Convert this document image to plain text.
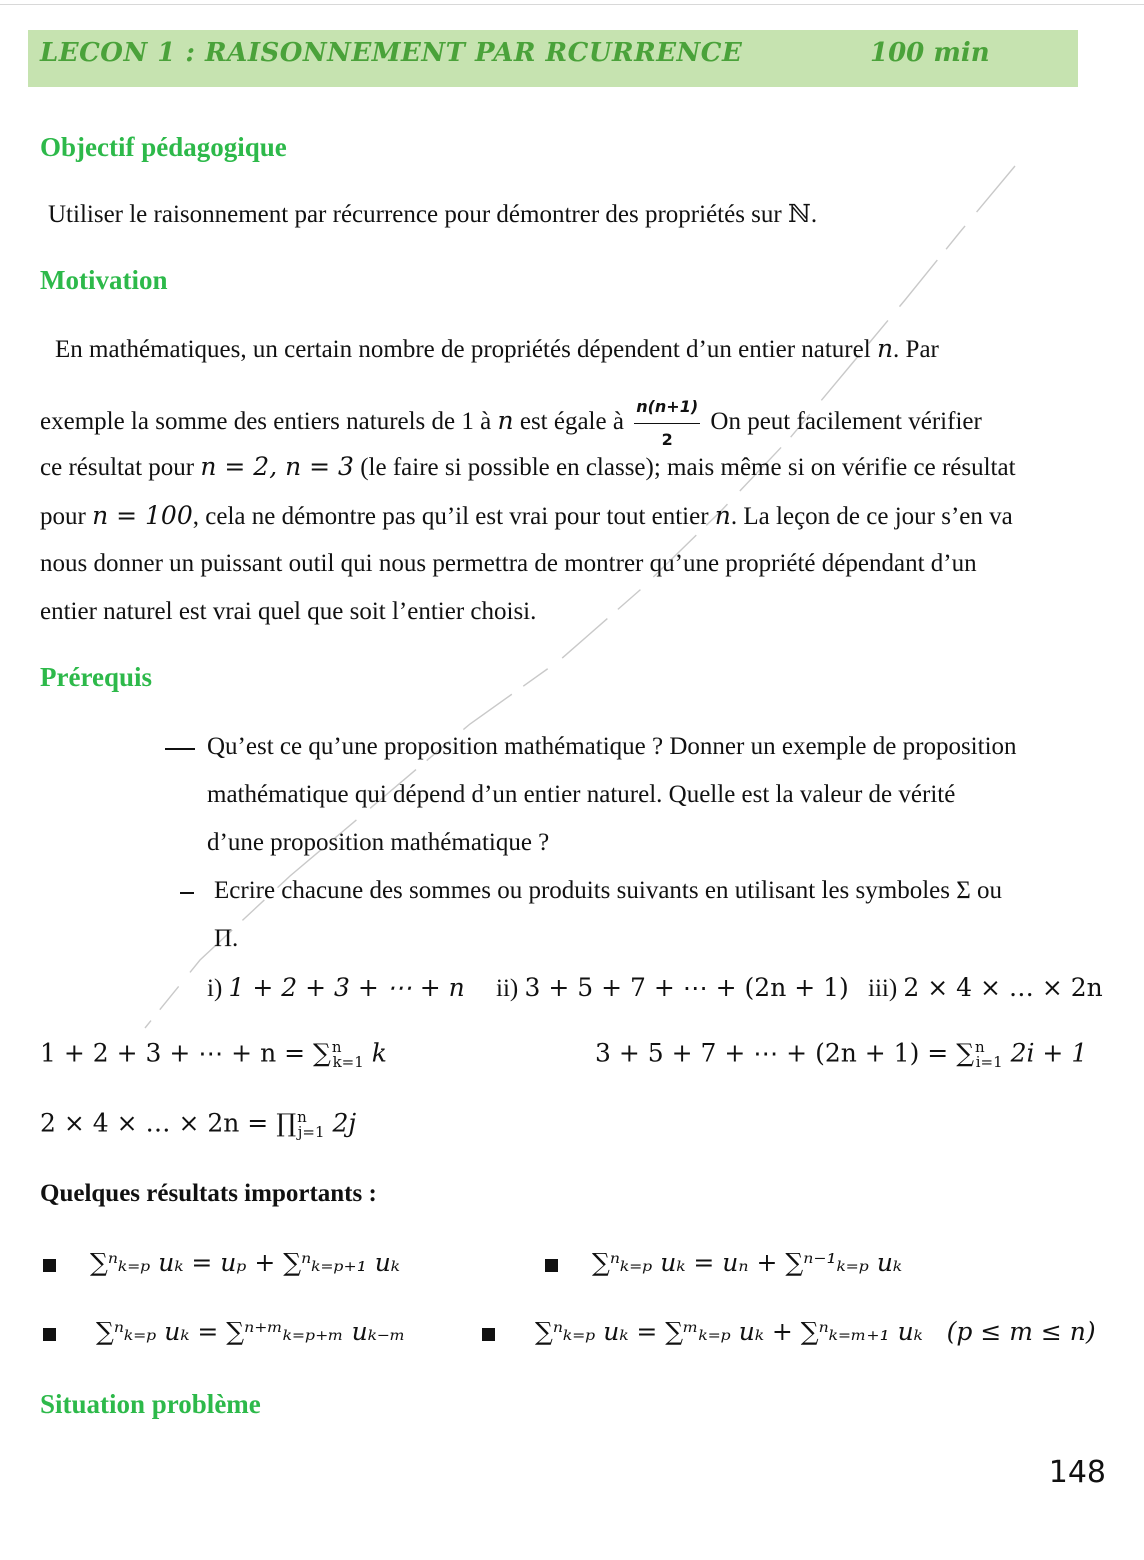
LECON 1 : RAISONNEMENT PAR RCURRENCE	100 min
Objectif pédagogique
Utiliser le raisonnement par récurrence pour démontrer des propriétés sur ℕ.
Motivation
En mathématiques, un certain nombre de propriétés dépendent d’un entier naturel n. Par
exemple la somme des entiers naturels de 1 à n est égale à $\frac{n(n+1)}{2}$ On peut facilement vérifier
ce résultat pour n = 2, n = 3 (le faire si possible en classe); mais même si on vérifie ce résultat
pour n = 100, cela ne démontre pas qu’il est vrai pour tout entier n. La leçon de ce jour s’en va
nous donner un puissant outil qui nous permettra de montrer qu’une propriété dépendant d’un
entier naturel est vrai quel que soit l’entier choisi.
Prérequis
Qu’est ce qu’une proposition mathématique ? Donner un exemple de proposition
mathématique qui dépend d’un entier naturel. Quelle est la valeur de vérité
d’une proposition mathématique ?
Ecrire chacune des sommes ou produits suivants en utilisant les symboles Σ ou
Π.
i) 1 + 2 + 3 + ⋯ + n ii) 3 + 5 + 7 + ⋯ + (2n + 1) iii) 2 × 4 × … × 2n
1 + 2 + 3 + ⋯ + n = ∑$^n_{k=1}$ k	3 + 5 + 7 + ⋯ + (2n + 1) = ∑$^n_{i=1}$ 2i + 1
2 × 4 × … × 2n = ∏$^n_{j=1}$ 2j
Quelques résultats importants :
∑ⁿₖ₌ₚ uₖ = uₚ + ∑ⁿₖ₌ₚ₊₁ uₖ	∑ⁿₖ₌ₚ uₖ = uₙ + ∑ⁿ⁻¹ₖ₌ₚ uₖ
∑ⁿₖ₌ₚ uₖ = ∑ⁿ⁺ᵐₖ₌ₚ₊ₘ uₖ₋ₘ	∑ⁿₖ₌ₚ uₖ = ∑ᵐₖ₌ₚ uₖ + ∑ⁿₖ₌ₘ₊₁ uₖ (p ≤ m ≤ n)
Situation problème
148
